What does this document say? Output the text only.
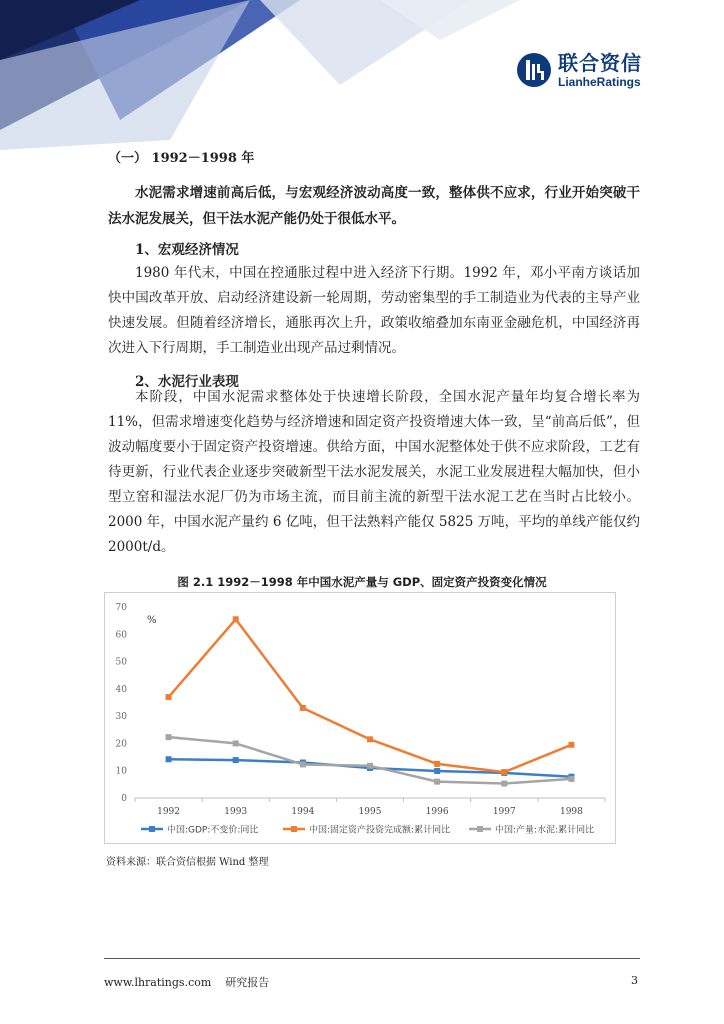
联合资信
LianheRatings
（一） 1992－1998 年

水泥需求增速前高后低，与宏观经济波动高度一致，整体供不应求，行业开始突破干法水泥发展关，但干法水泥产能仍处于很低水平。

1、宏观经济情况

1980 年代末，中国在控通胀过程中进入经济下行期。1992 年，邓小平南方谈话加快中国改革开放、启动经济建设新一轮周期，劳动密集型的手工制造业为代表的主导产业快速发展。但随着经济增长，通胀再次上升，政策收缩叠加东南亚金融危机，中国经济再次进入下行周期，手工制造业出现产品过剩情况。

2、水泥行业表现

本阶段，中国水泥需求整体处于快速增长阶段，全国水泥产量年均复合增长率为 11%，但需求增速变化趋势与经济增速和固定资产投资增速大体一致，呈“前高后低”，但波动幅度要小于固定资产投资增速。供给方面，中国水泥整体处于供不应求阶段，工艺有待更新，行业代表企业逐步突破新型干法水泥发展关，水泥工业发展进程大幅加快，但小型立窑和湿法水泥厂仍为市场主流，而目前主流的新型干法水泥工艺在当时占比较小。2000 年，中国水泥产量约 6 亿吨，但干法熟料产能仅 5825 万吨，平均的单线产能仅约 2000t/d。

图 2.1 1992－1998 年中国水泥产量与 GDP、固定资产投资变化情况
0
10
20
30
40
50
60
70
%
1992	1993	1994	1995	1996	1997	1998
中国:GDP:不变价:同比	中国:固定资产投资完成额:累计同比	中国:产量:水泥:累计同比
资料来源：联合资信根据 Wind 整理
www.lhratings.com 研究报告	3
